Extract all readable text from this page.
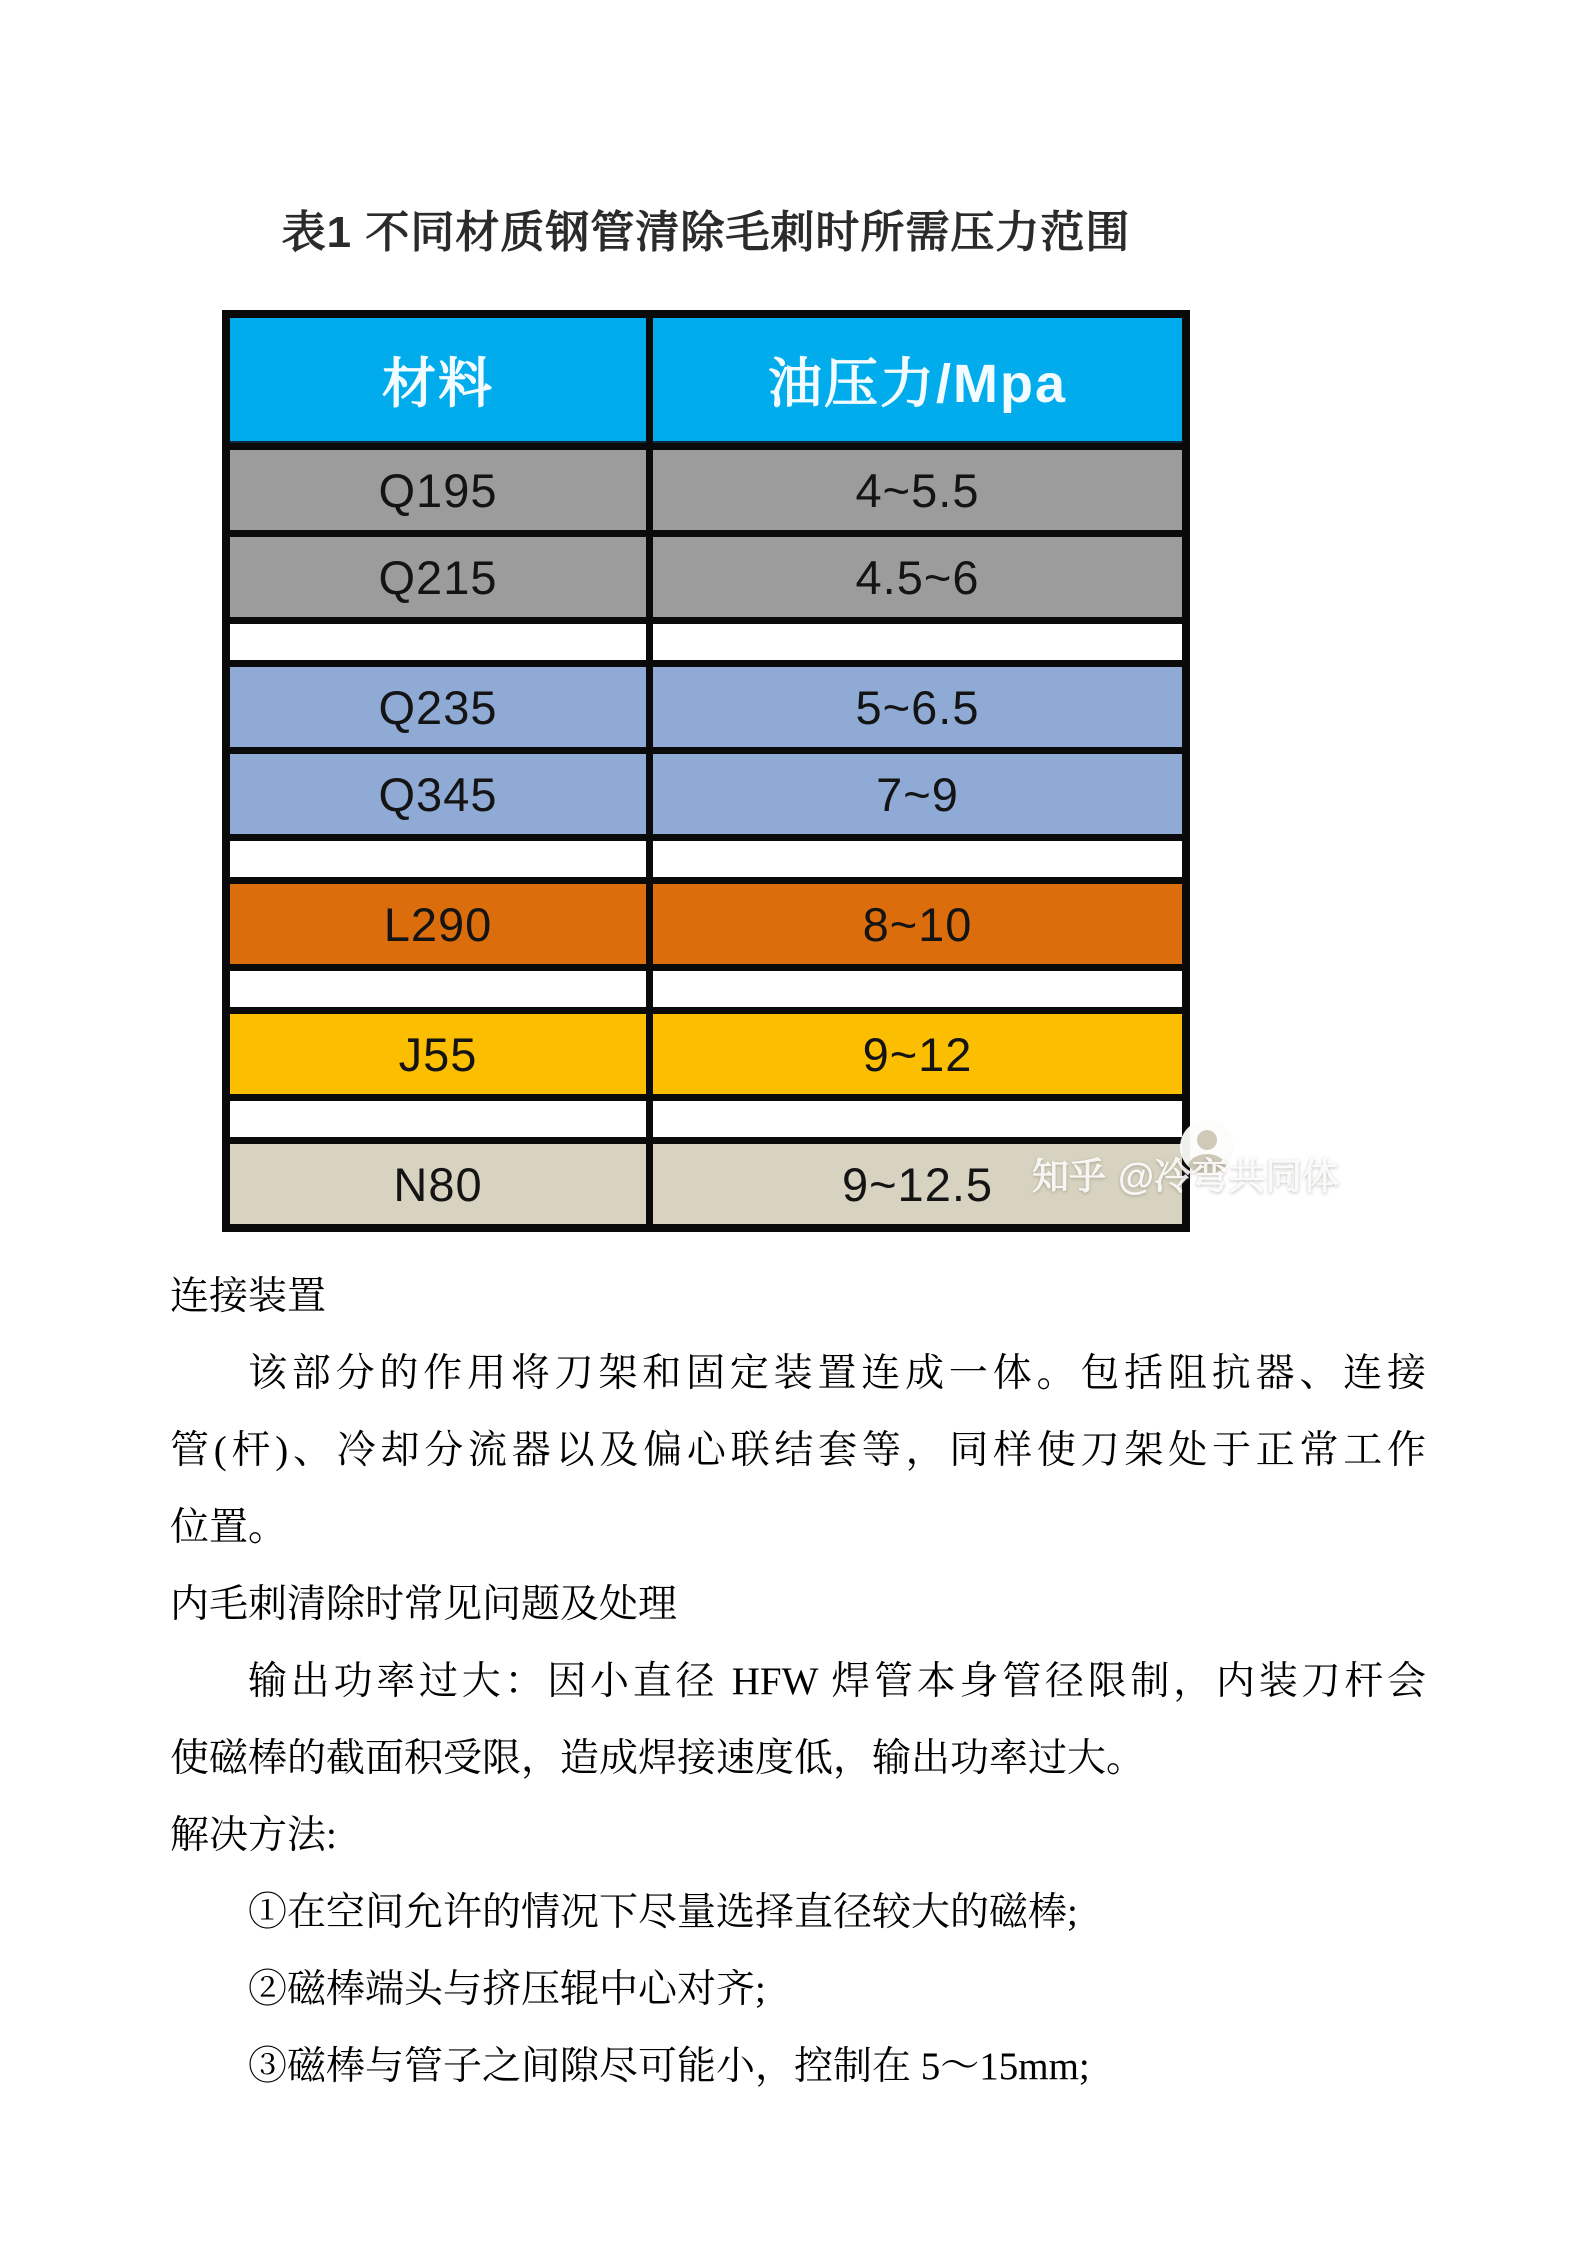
表1 不同材质钢管清除毛刺时所需压力范围
材料	油压力/Mpa
Q195	4~5.5
Q215	4.5~6
Q235	5~6.5
Q345	7~9
L290	8~10
J55	9~12
N80	9~12.5	知乎 @冷弯共同体
连接装置
该部分的作用将刀架和固定装置连成一体。包括阻抗器、连接
管(杆)、冷却分流器以及偏心联结套等，同样使刀架处于正常工作
位置。
内毛刺清除时常见问题及处理
输出功率过大：因小直径 HFW 焊管本身管径限制，内装刀杆会
使磁棒的截面积受限，造成焊接速度低，输出功率过大。
解决方法:
①在空间允许的情况下尽量选择直径较大的磁棒;
②磁棒端头与挤压辊中心对齐;
③磁棒与管子之间隙尽可能小，控制在 5～15mm;
